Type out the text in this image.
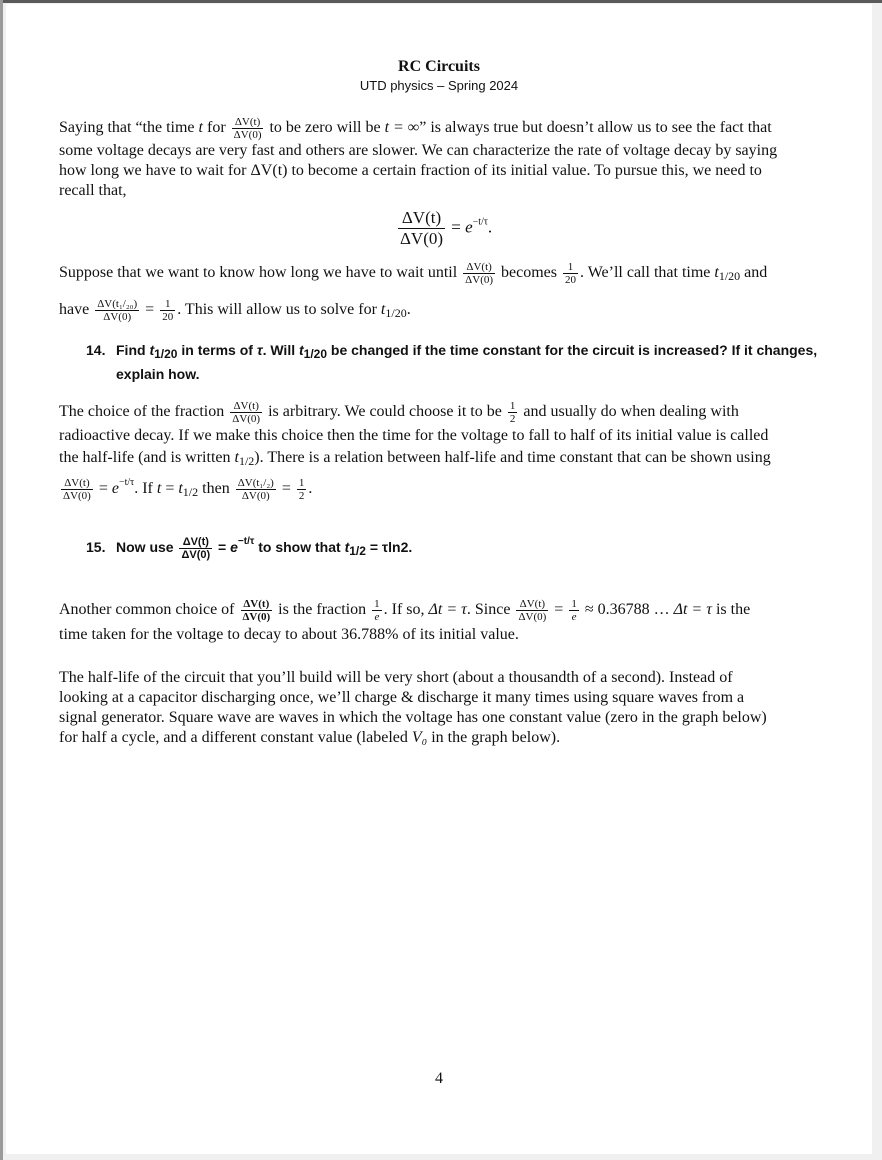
RC Circuits
UTD physics – Spring 2024
Saying that “the time t for $\frac{\Delta V(t)}{\Delta V(0)}$ to be zero will be t = ∞” is always true but doesn’t allow us to see the fact that
some voltage decays are very fast and others are slower. We can characterize the rate of voltage decay by saying
how long we have to wait for ΔV(t) to become a certain fraction of its initial value. To pursue this, we need to
recall that,
$\frac{\Delta V(t)}{\Delta V(0)} = e^{-t/\tau}$.
Suppose that we want to know how long we have to wait until $\frac{\Delta V(t)}{\Delta V(0)}$ becomes $\frac{1}{20}$ . We’ll call that time $t_{1/20}$ and
have $\frac{\text{ΔV(t₁/₂₀)}}{\Delta V(0)} = \frac{1}{20}$ . This will allow us to solve for $t_{1/20}$.
14. Find t1/20 in terms of τ. Will t1/20 be changed if the time constant for the circuit is increased? If it changes,
explain how.
The choice of the fraction $\frac{\Delta V(t)}{\Delta V(0)}$ is arbitrary. We could choose it to be $\frac{1}{2}$ and usually do when dealing with
radioactive decay. If we make this choice then the time for the voltage to fall to half of its initial value is called
the half-life (and is written $t_{1/2}$). There is a relation between half-life and time constant that can be shown using

$\frac{\Delta V(t)}{\Delta V(0)} = e^{-t/\tau}$. If $t = t_{1/2}$ then $\frac{\text{ΔV(t₁/₂)}}{\Delta V(0)} = \frac{1}{2}$ .
15. Now use $\frac{\Delta V(t)}{\Delta V(0)} = e^{-t/\tau}$ to show that t1/2 = τln2.
Another common choice of $\frac{\Delta V(t)}{\Delta V(0)}$ is the fraction $\frac{1}{e}$ . If so, Δt = τ. Since $\frac{\Delta V(t)}{\Delta V(0)} = \frac{1}{e} \approx 0.36788$ … Δt = τ is the
time taken for the voltage to decay to about 36.788% of its initial value.
The half-life of the circuit that you’ll build will be very short (about a thousandth of a second). Instead of
looking at a capacitor discharging once, we’ll charge & discharge it many times using square waves from a
signal generator. Square wave are waves in which the voltage has one constant value (zero in the graph below)
for half a cycle, and a different constant value (labeled V₀ in the graph below).
4
